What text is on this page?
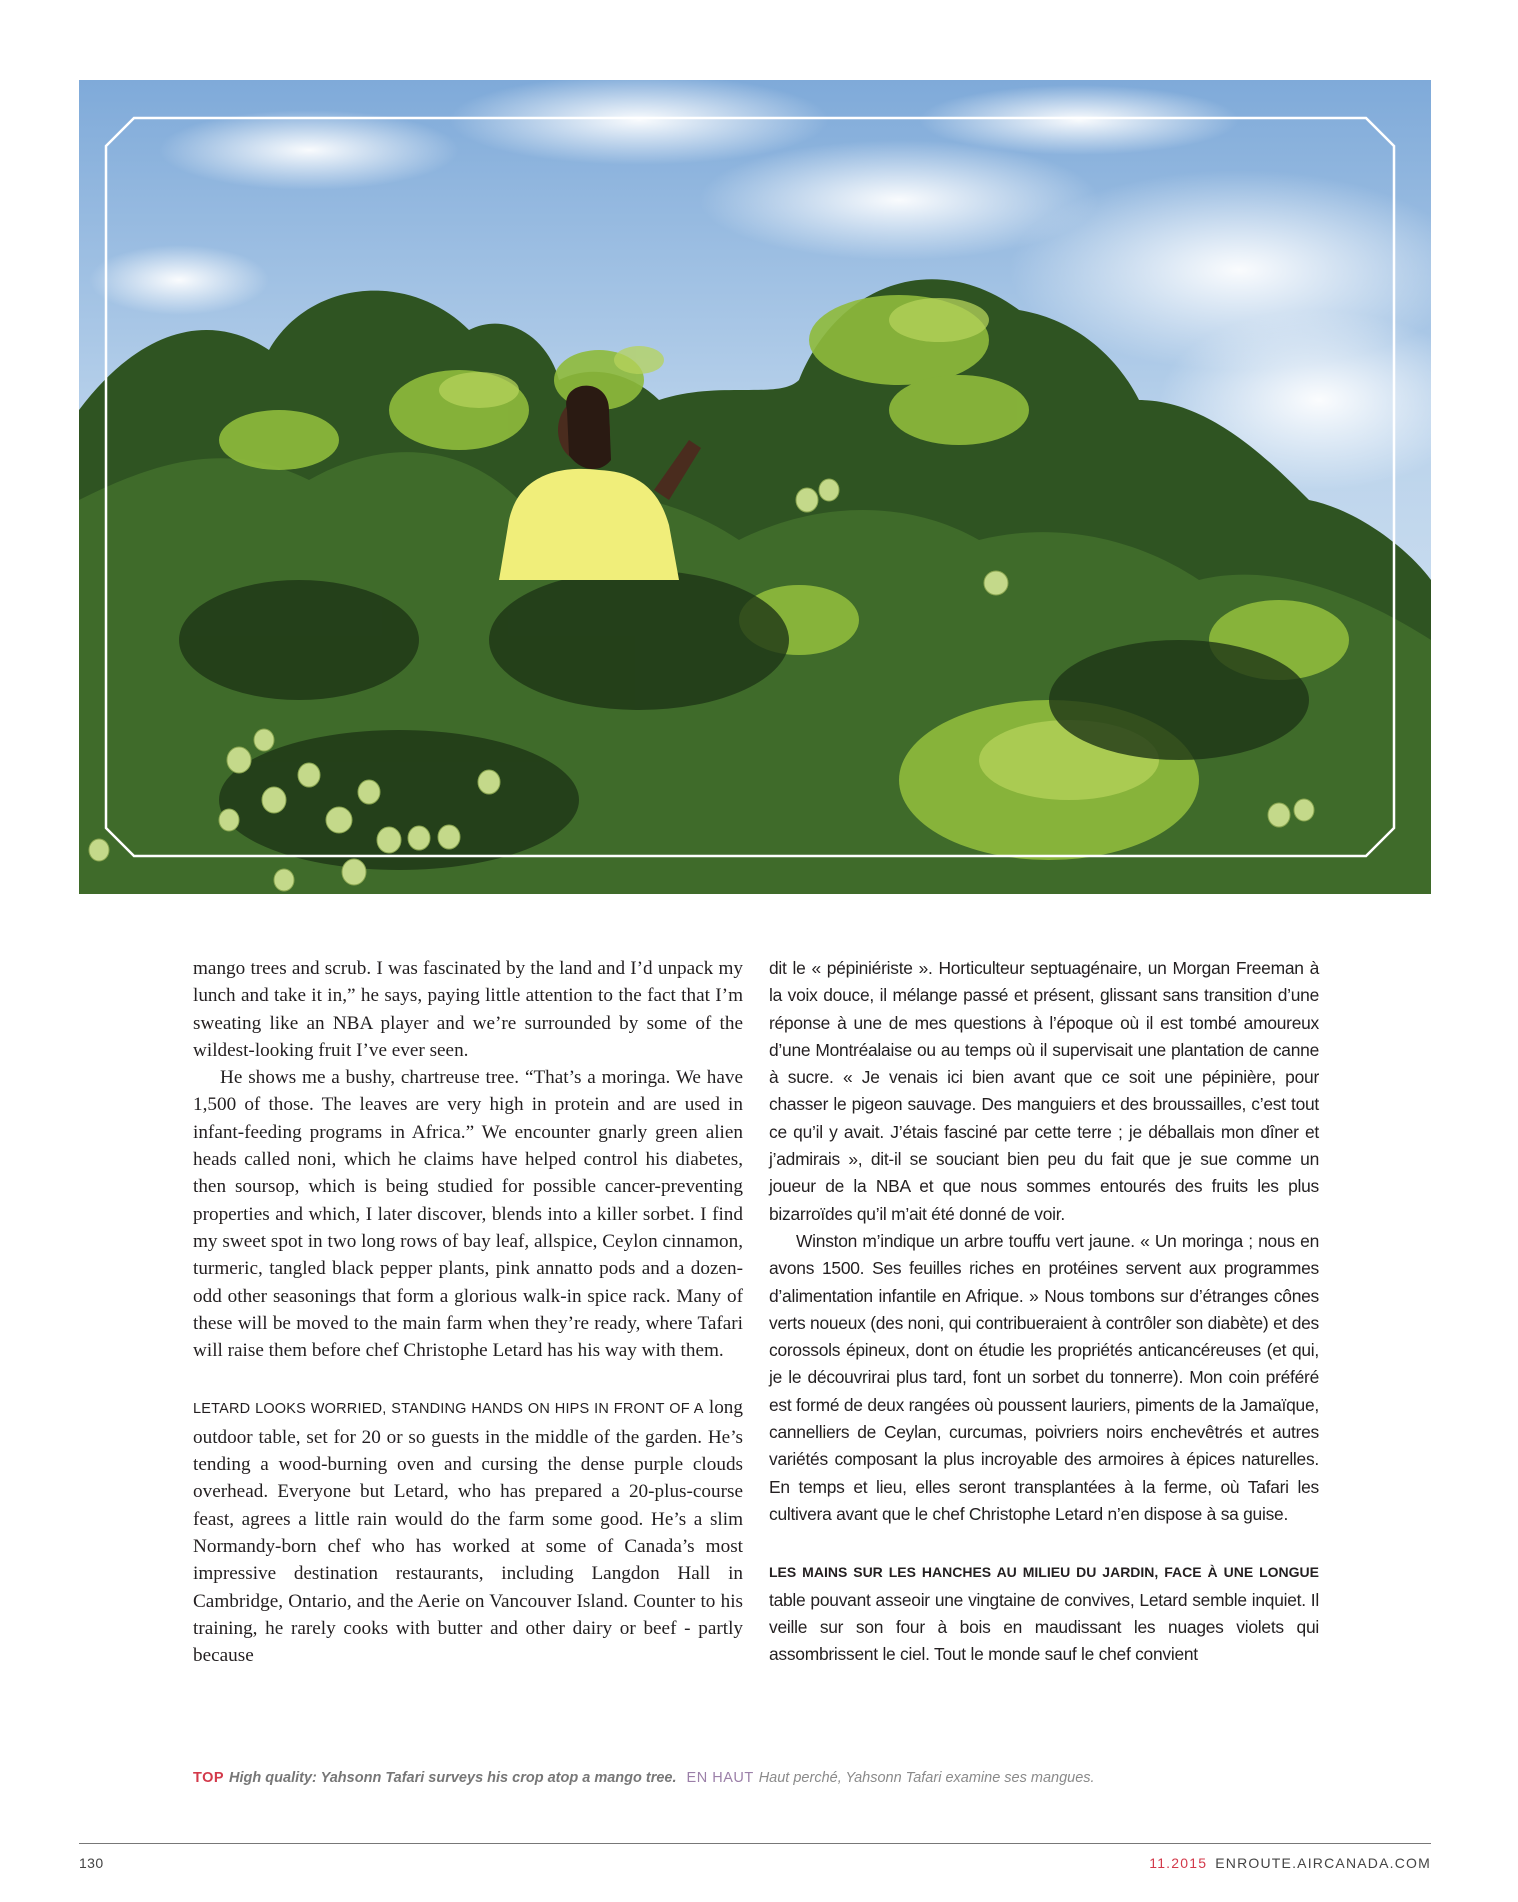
mango trees and scrub. I was fascinated by the land and I’d unpack my lunch and take it in,” he says, paying little attention to the fact that I’m sweating like an NBA player and we’re surrounded by some of the wildest-looking fruit I’ve ever seen.

He shows me a bushy, chartreuse tree. “That’s a moringa. We have 1,500 of those. The leaves are very high in protein and are used in infant-feeding programs in Africa.” We encounter gnarly green alien heads called noni, which he claims have helped control his diabetes, then soursop, which is being studied for possible cancer-preventing properties and which, I later discover, blends into a killer sorbet. I find my sweet spot in two long rows of bay leaf, allspice, Ceylon cinnamon, turmeric, tangled black pepper plants, pink annatto pods and a dozen-odd other seasonings that form a glorious walk-in spice rack. Many of these will be moved to the main farm when they’re ready, where Tafari will raise them before chef Christophe Letard has his way with them.

LETARD LOOKS WORRIED, STANDING HANDS ON HIPS IN FRONT OF A long outdoor table, set for 20 or so guests in the middle of the garden. He’s tending a wood-burning oven and cursing the dense purple clouds overhead. Everyone but Letard, who has prepared a 20-plus-course feast, agrees a little rain would do the farm some good. He’s a slim Normandy-born chef who has worked at some of Canada’s most impressive destination restaurants, including Langdon Hall in Cambridge, Ontario, and the Aerie on Vancouver Island. Counter to his training, he rarely cooks with butter and other dairy or beef - partly because

dit le « pépiniériste ». Horticulteur septuagénaire, un Morgan Freeman à la voix douce, il mélange passé et présent, glissant sans transition d’une réponse à une de mes questions à l’époque où il est tombé amoureux d’une Montréalaise ou au temps où il supervisait une plantation de canne à sucre. « Je venais ici bien avant que ce soit une pépinière, pour chasser le pigeon sauvage. Des manguiers et des broussailles, c’est tout ce qu’il y avait. J’étais fasciné par cette terre ; je déballais mon dîner et j’admirais », dit-il se souciant bien peu du fait que je sue comme un joueur de la NBA et que nous sommes entourés des fruits les plus bizarroïdes qu’il m’ait été donné de voir.

Winston m’indique un arbre touffu vert jaune. « Un moringa ; nous en avons 1500. Ses feuilles riches en protéines servent aux programmes d’alimentation infantile en Afrique. » Nous tombons sur d’étranges cônes verts noueux (des noni, qui contribueraient à contrôler son diabète) et des corossols épineux, dont on étudie les propriétés anticancéreuses (et qui, je le découvrirai plus tard, font un sorbet du tonnerre). Mon coin préféré est formé de deux rangées où poussent lauriers, piments de la Jamaïque, cannelliers de Ceylan, curcumas, poivriers noirs enchevêtrés et autres variétés composant la plus incroyable des armoires à épices naturelles. En temps et lieu, elles seront transplantées à la ferme, où Tafari les cultivera avant que le chef Christophe Letard n’en dispose à sa guise.

LES MAINS SUR LES HANCHES AU MILIEU DU JARDIN, FACE À UNE LONGUE table pouvant asseoir une vingtaine de convives, Letard semble inquiet. Il veille sur son four à bois en maudissant les nuages violets qui assombrissent le ciel. Tout le monde sauf le chef convient

TOP High quality: Yahsonn Tafari surveys his crop atop a mango tree. EN HAUT Haut perché, Yahsonn Tafari examine ses mangues.
130	11.2015 ENROUTE.AIRCANADA.COM
